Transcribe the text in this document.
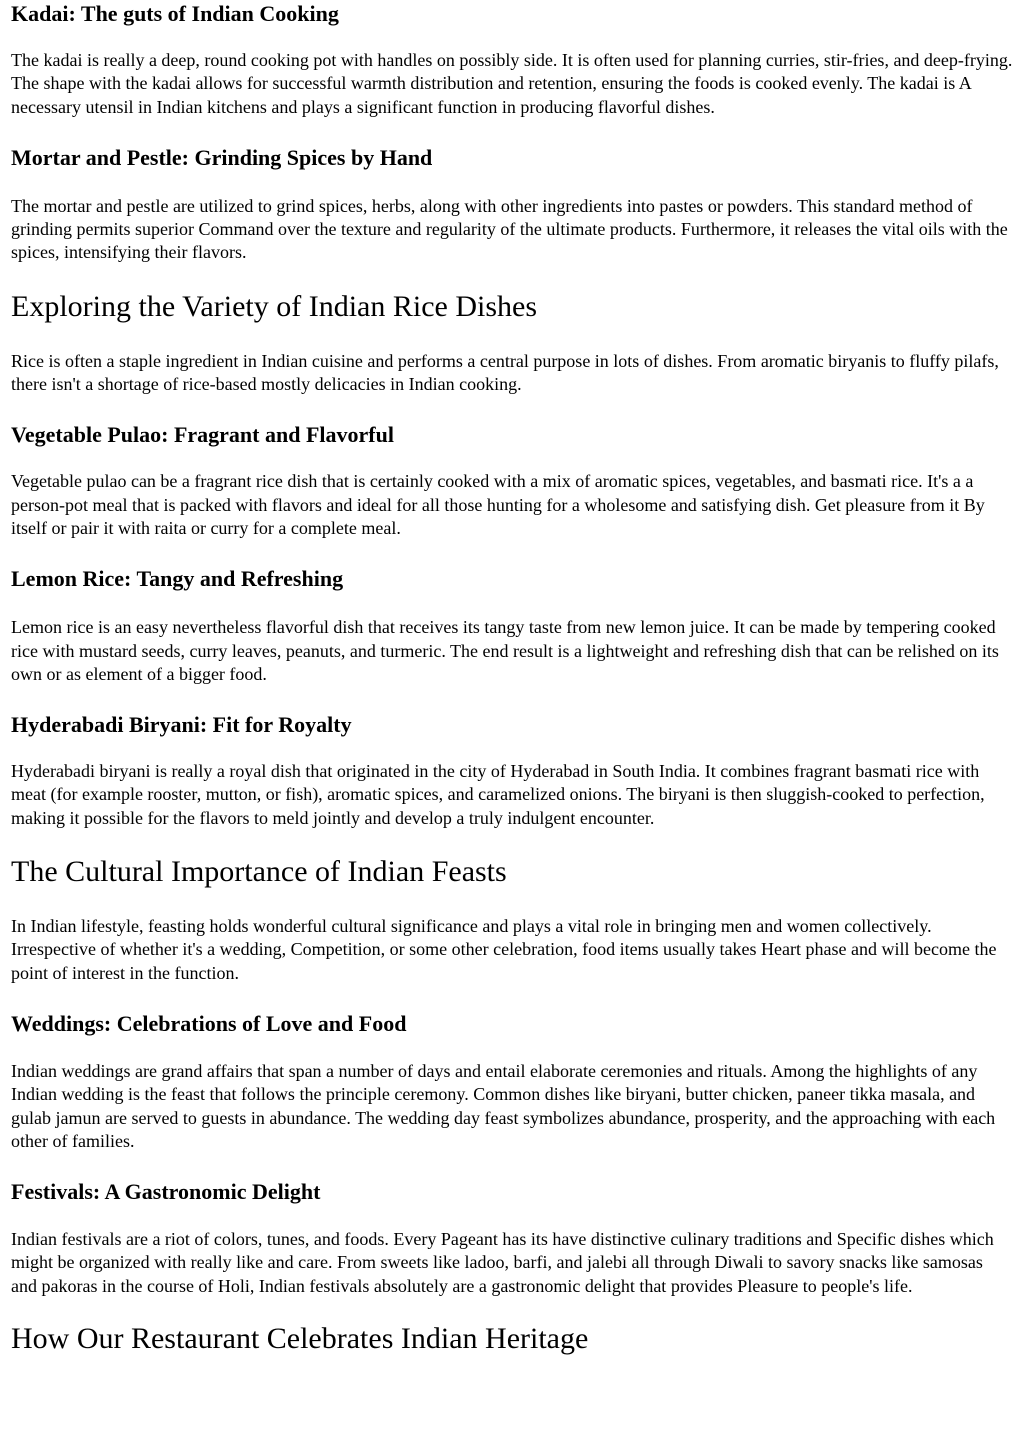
Kadai: The guts of Indian Cooking

The kadai is really a deep, round cooking pot with handles on possibly side. It is often used for planning curries, stir-fries, and deep-frying. The shape with the kadai allows for successful warmth distribution and retention, ensuring the foods is cooked evenly. The kadai is A necessary utensil in Indian kitchens and plays a significant function in producing flavorful dishes.

Mortar and Pestle: Grinding Spices by Hand

The mortar and pestle are utilized to grind spices, herbs, along with other ingredients into pastes or powders. This standard method of grinding permits superior Command over the texture and regularity of the ultimate products. Furthermore, it releases the vital oils with the spices, intensifying their flavors.

Exploring the Variety of Indian Rice Dishes

Rice is often a staple ingredient in Indian cuisine and performs a central purpose in lots of dishes. From aromatic biryanis to fluffy pilafs, there isn't a shortage of rice-based mostly delicacies in Indian cooking.

Vegetable Pulao: Fragrant and Flavorful

Vegetable pulao can be a fragrant rice dish that is certainly cooked with a mix of aromatic spices, vegetables, and basmati rice. It's a a person-pot meal that is packed with flavors and ideal for all those hunting for a wholesome and satisfying dish. Get pleasure from it By itself or pair it with raita or curry for a complete meal.

Lemon Rice: Tangy and Refreshing

Lemon rice is an easy nevertheless flavorful dish that receives its tangy taste from new lemon juice. It can be made by tempering cooked rice with mustard seeds, curry leaves, peanuts, and turmeric. The end result is a lightweight and refreshing dish that can be relished on its own or as element of a bigger food.

Hyderabadi Biryani: Fit for Royalty

Hyderabadi biryani is really a royal dish that originated in the city of Hyderabad in South India. It combines fragrant basmati rice with meat (for example rooster, mutton, or fish), aromatic spices, and caramelized onions. The biryani is then sluggish-cooked to perfection, making it possible for the flavors to meld jointly and develop a truly indulgent encounter.

The Cultural Importance of Indian Feasts

In Indian lifestyle, feasting holds wonderful cultural significance and plays a vital role in bringing men and women collectively. Irrespective of whether it's a wedding, Competition, or some other celebration, food items usually takes Heart phase and will become the point of interest in the function.

Weddings: Celebrations of Love and Food

Indian weddings are grand affairs that span a number of days and entail elaborate ceremonies and rituals. Among the highlights of any Indian wedding is the feast that follows the principle ceremony. Common dishes like biryani, butter chicken, paneer tikka masala, and gulab jamun are served to guests in abundance. The wedding day feast symbolizes abundance, prosperity, and the approaching with each other of families.

Festivals: A Gastronomic Delight

Indian festivals are a riot of colors, tunes, and foods. Every Pageant has its have distinctive culinary traditions and Specific dishes which might be organized with really like and care. From sweets like ladoo, barfi, and jalebi all through Diwali to savory snacks like samosas and pakoras in the course of Holi, Indian festivals absolutely are a gastronomic delight that provides Pleasure to people's life.

How Our Restaurant Celebrates Indian Heritage
